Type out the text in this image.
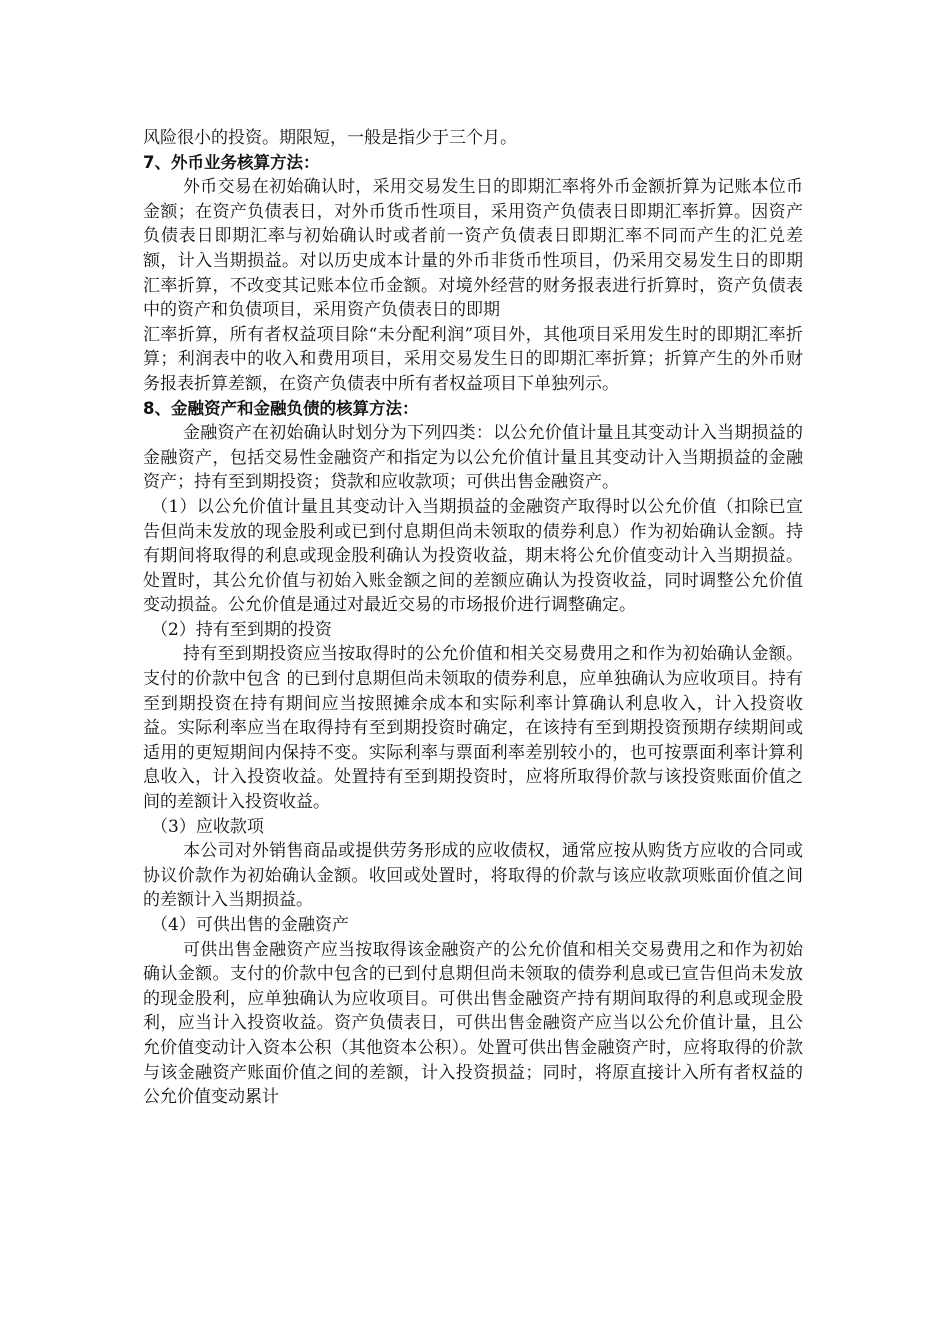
风险很小的投资。期限短，一般是指少于三个月。

7、外币业务核算方法：

外币交易在初始确认时，采用交易发生日的即期汇率将外币金额折算为记账本位币金额；在资产负债表日，对外币货币性项目，采用资产负债表日即期汇率折算。因资产负债表日即期汇率与初始确认时或者前一资产负债表日即期汇率不同而产生的汇兑差额，计入当期损益。对以历史成本计量的外币非货币性项目，仍采用交易发生日的即期汇率折算，不改变其记账本位币金额。对境外经营的财务报表进行折算时，资产负债表中的资产和负债项目，采用资产负债表日的即期

汇率折算，所有者权益项目除“未分配利润”项目外，其他项目采用发生时的即期汇率折算；利润表中的收入和费用项目，采用交易发生日的即期汇率折算；折算产生的外币财务报表折算差额，在资产负债表中所有者权益项目下单独列示。

8、金融资产和金融负债的核算方法：

金融资产在初始确认时划分为下列四类：以公允价值计量且其变动计入当期损益的金融资产，包括交易性金融资产和指定为以公允价值计量且其变动计入当期损益的金融资产；持有至到期投资；贷款和应收款项；可供出售金融资产。

（1）以公允价值计量且其变动计入当期损益的金融资产取得时以公允价值（扣除已宣告但尚未发放的现金股利或已到付息期但尚未领取的债券利息）作为初始确认金额。持有期间将取得的利息或现金股利确认为投资收益，期末将公允价值变动计入当期损益。处置时，其公允价值与初始入账金额之间的差额应确认为投资收益，同时调整公允价值变动损益。公允价值是通过对最近交易的市场报价进行调整确定。

（2）持有至到期的投资

持有至到期投资应当按取得时的公允价值和相关交易费用之和作为初始确认金额。支付的价款中包含 的已到付息期但尚未领取的债券利息，应单独确认为应收项目。持有至到期投资在持有期间应当按照摊余成本和实际利率计算确认利息收入，计入投资收益。实际利率应当在取得持有至到期投资时确定，在该持有至到期投资预期存续期间或适用的更短期间内保持不变。实际利率与票面利率差别较小的，也可按票面利率计算利息收入，计入投资收益。处置持有至到期投资时，应将所取得价款与该投资账面价值之间的差额计入投资收益。

（3）应收款项

本公司对外销售商品或提供劳务形成的应收债权，通常应按从购货方应收的合同或协议价款作为初始确认金额。收回或处置时，将取得的价款与该应收款项账面价值之间的差额计入当期损益。

（4）可供出售的金融资产

可供出售金融资产应当按取得该金融资产的公允价值和相关交易费用之和作为初始确认金额。支付的价款中包含的已到付息期但尚未领取的债券利息或已宣告但尚未发放的现金股利，应单独确认为应收项目。可供出售金融资产持有期间取得的利息或现金股利，应当计入投资收益。资产负债表日，可供出售金融资产应当以公允价值计量，且公允价值变动计入资本公积（其他资本公积）。处置可供出售金融资产时，应将取得的价款与该金融资产账面价值之间的差额，计入投资损益；同时，将原直接计入所有者权益的公允价值变动累计
